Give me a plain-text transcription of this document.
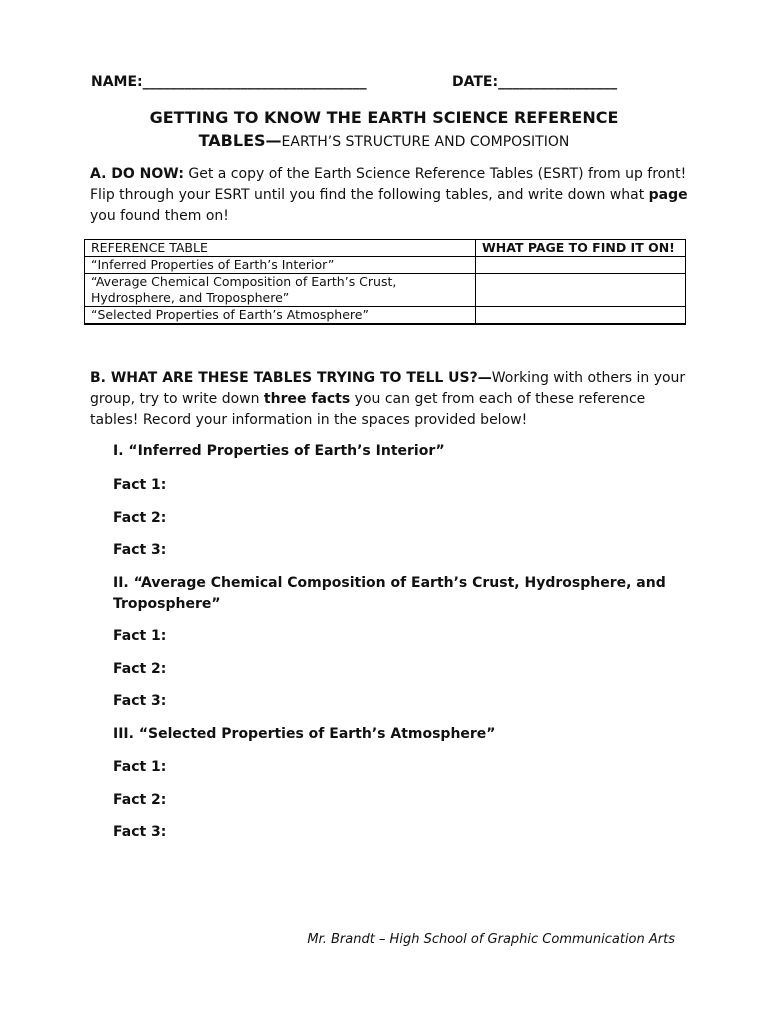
NAME:________________________________	DATE:_________________
GETTING TO KNOW THE EARTH SCIENCE REFERENCE
TABLES—EARTH’S STRUCTURE AND COMPOSITION

A. DO NOW: Get a copy of the Earth Science Reference Tables (ESRT) from up front! Flip through your ESRT until you find the following tables, and write down what page you found them on!

REFERENCE TABLE	WHAT PAGE TO FIND IT ON!
“Inferred Properties of Earth’s Interior”	
“Average Chemical Composition of Earth’s Crust, Hydrosphere, and Troposphere”	
“Selected Properties of Earth’s Atmosphere”	

B. WHAT ARE THESE TABLES TRYING TO TELL US?—Working with others in your group, try to write down three facts you can get from each of these reference tables! Record your information in the spaces provided below!

I. “Inferred Properties of Earth’s Interior”
Fact 1:
Fact 2:
Fact 3:
II. “Average Chemical Composition of Earth’s Crust, Hydrosphere, and Troposphere”
Fact 1:
Fact 2:
Fact 3:
III. “Selected Properties of Earth’s Atmosphere”
Fact 1:
Fact 2:
Fact 3:
Mr. Brandt – High School of Graphic Communication Arts
